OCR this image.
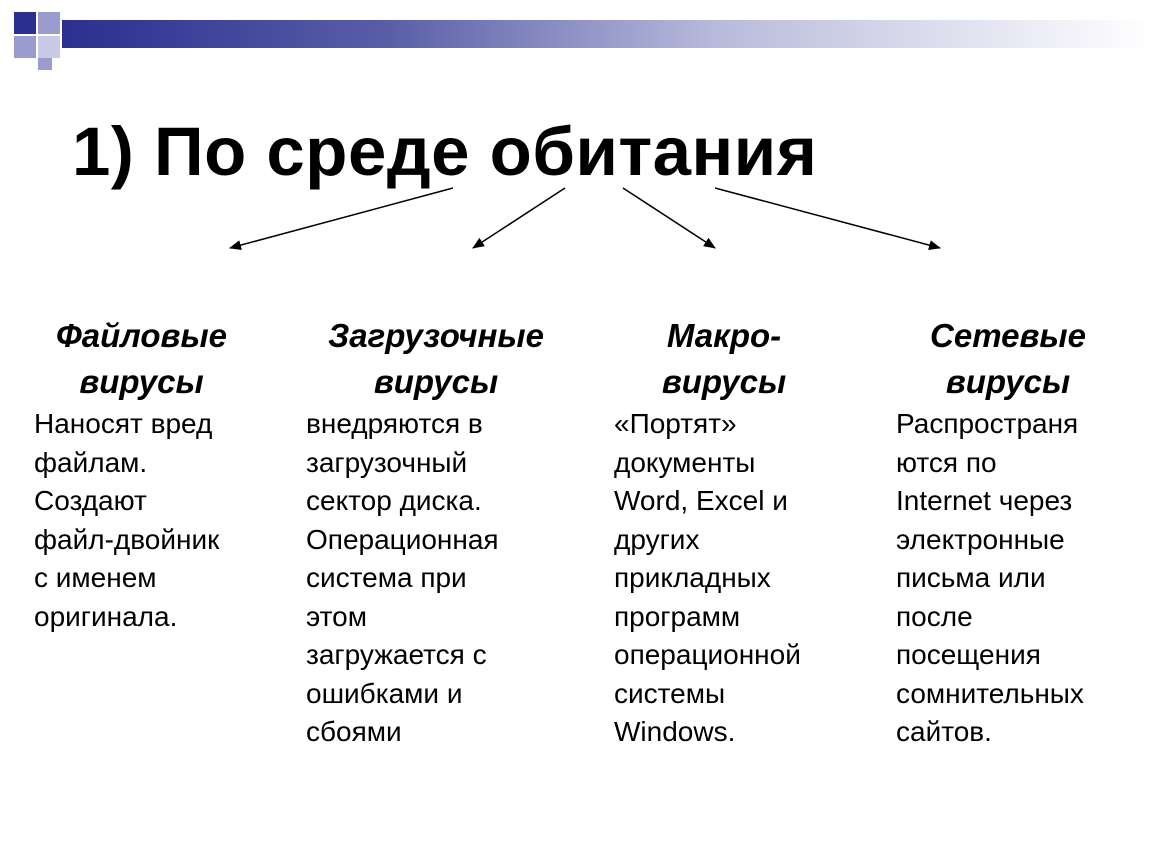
1) По среде обитания
Файловые
вирусы
Наносят вред
файлам.
Создают
файл-двойник
с именем
оригинала.
Загрузочные
вирусы
внедряются в
загрузочный
сектор диска.
Операционная
система при
этом
загружается с
ошибками и
сбоями
Макро-
вирусы
«Портят»
документы
Word, Excel и
других
прикладных
программ
операционной
системы
Windows.
Сетевые
вирусы
Распространя
ются по
Internet через
электронные
письма или
после
посещения
сомнительных
сайтов.
